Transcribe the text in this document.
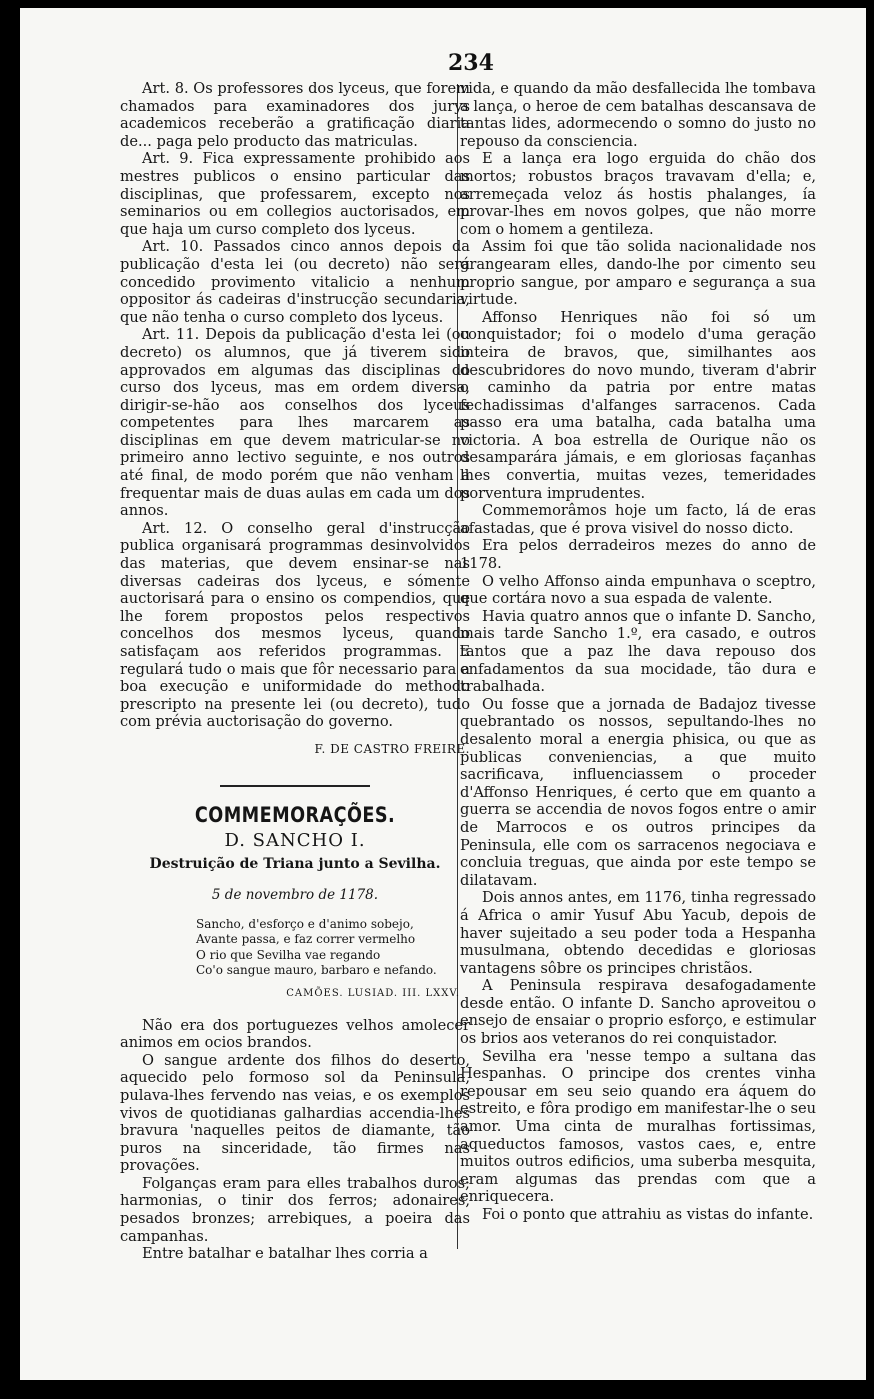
234

Art. 8. Os professores dos lyceus, que forem chamados para examinadores dos jurys academicos receberão a gratificação diaria de... paga pelo producto das matriculas.

Art. 9. Fica expressamente prohibido aos mestres publicos o ensino particular das disciplinas, que professarem, excepto nos seminarios ou em collegios auctorisados, em que haja um curso completo dos lyceus.

Art. 10. Passados cinco annos depois da publicação d'esta lei (ou decreto) não será concedido provimento vitalicio a nenhum oppositor ás cadeiras d'instrucção secundaria, que não tenha o curso completo dos lyceus.

Art. 11. Depois da publicação d'esta lei (ou decreto) os alumnos, que já tiverem sido approvados em algumas das disciplinas do curso dos lyceus, mas em ordem diversa, dirigir-se-hão aos conselhos dos lyceus competentes para lhes marcarem as disciplinas em que devem matricular-se no primeiro anno lectivo seguinte, e nos outros até final, de modo porém que não venham a frequentar mais de duas aulas em cada um dos annos.

Art. 12. O conselho geral d'instrucção publica organisará programmas desinvolvidos das materias, que devem ensinar-se nas diversas cadeiras dos lyceus, e sómente auctorisará para o ensino os compendios, que lhe forem propostos pelos respectivos concelhos dos mesmos lyceus, quando satisfaçam aos referidos programmas. E regulará tudo o mais que fôr necessario para a boa execução e uniformidade do methodo prescripto na presente lei (ou decreto), tudo com prévia auctorisação do governo.

F. DE CASTRO FREIRE.

COMMEMORAÇÕES.
D. SANCHO I.
Destruição de Triana junto a Sevilha.
5 de novembro de 1178.
Sancho, d'esforço e d'animo sobejo,
Avante passa, e faz correr vermelho
O rio que Sevilha vae regando
Co'o sangue mauro, barbaro e nefando.
CAMÕES. LUSIAD. III. LXXV.

Não era dos portuguezes velhos amolecer animos em ocios brandos.

O sangue ardente dos filhos do deserto, aquecido pelo formoso sol da Peninsula, pulava-lhes fervendo nas veias, e os exemplos vivos de quotidianas galhardias accendia-lhes bravura 'naquelles peitos de diamante, tão puros na sinceridade, tão firmes nas provações.

Folganças eram para elles trabalhos duros; harmonias, o tinir dos ferros; adonaires, pesados bronzes; arrebiques, a poeira das campanhas.

Entre batalhar e batalhar lhes corria a

vida, e quando da mão desfallecida lhe tombava a lança, o heroe de cem batalhas descansava de tantas lides, adormecendo o somno do justo no repouso da consciencia.

E a lança era logo erguida do chão dos mortos; robustos braços travavam d'ella; e, arremeçada veloz ás hostis phalanges, ía provar-lhes em novos golpes, que não morre com o homem a gentileza.

Assim foi que tão solida nacionalidade nos grangearam elles, dando-lhe por cimento seu proprio sangue, por amparo e segurança a sua virtude.

Affonso Henriques não foi só um conquistador; foi o modelo d'uma geração inteira de bravos, que, similhantes aos descubridores do novo mundo, tiveram d'abrir o caminho da patria por entre matas fechadissimas d'alfanges sarracenos. Cada passo era uma batalha, cada batalha uma victoria. A boa estrella de Ourique não os desamparára jámais, e em gloriosas façanhas lhes convertia, muitas vezes, temeridades porventura imprudentes.

Commemorâmos hoje um facto, lá de eras afastadas, que é prova visivel do nosso dicto.

Era pelos derradeiros mezes do anno de 1178.

O velho Affonso ainda empunhava o sceptro, que cortára novo a sua espada de valente.

Havia quatro annos que o infante D. Sancho, mais tarde Sancho 1.º, era casado, e outros tantos que a paz lhe dava repouso dos enfadamentos da sua mocidade, tão dura e trabalhada.

Ou fosse que a jornada de Badajoz tivesse quebrantado os nossos, sepultando-lhes no desalento moral a energia phisica, ou que as publicas conveniencias, a que muito sacrificava, influenciassem o proceder d'Affonso Henriques, é certo que em quanto a guerra se accendia de novos fogos entre o amir de Marrocos e os outros principes da Peninsula, elle com os sarracenos negociava e concluia treguas, que ainda por este tempo se dilatavam.

Dois annos antes, em 1176, tinha regressado á Africa o amir Yusuf Abu Yacub, depois de haver sujeitado a seu poder toda a Hespanha musulmana, obtendo decedidas e gloriosas vantagens sôbre os principes christãos.

A Peninsula respirava desafogadamente desde então. O infante D. Sancho aproveitou o ensejo de ensaiar o proprio esforço, e estimular os brios aos veteranos do rei conquistador.

Sevilha era 'nesse tempo a sultana das Hespanhas. O principe dos crentes vinha repousar em seu seio quando era áquem do estreito, e fôra prodigo em manifestar-lhe o seu amor. Uma cinta de muralhas fortissimas, aqueductos famosos, vastos caes, e, entre muitos outros edificios, uma suberba mesquita, eram algumas das prendas com que a enriquecera.

Foi o ponto que attrahiu as vistas do infante.
